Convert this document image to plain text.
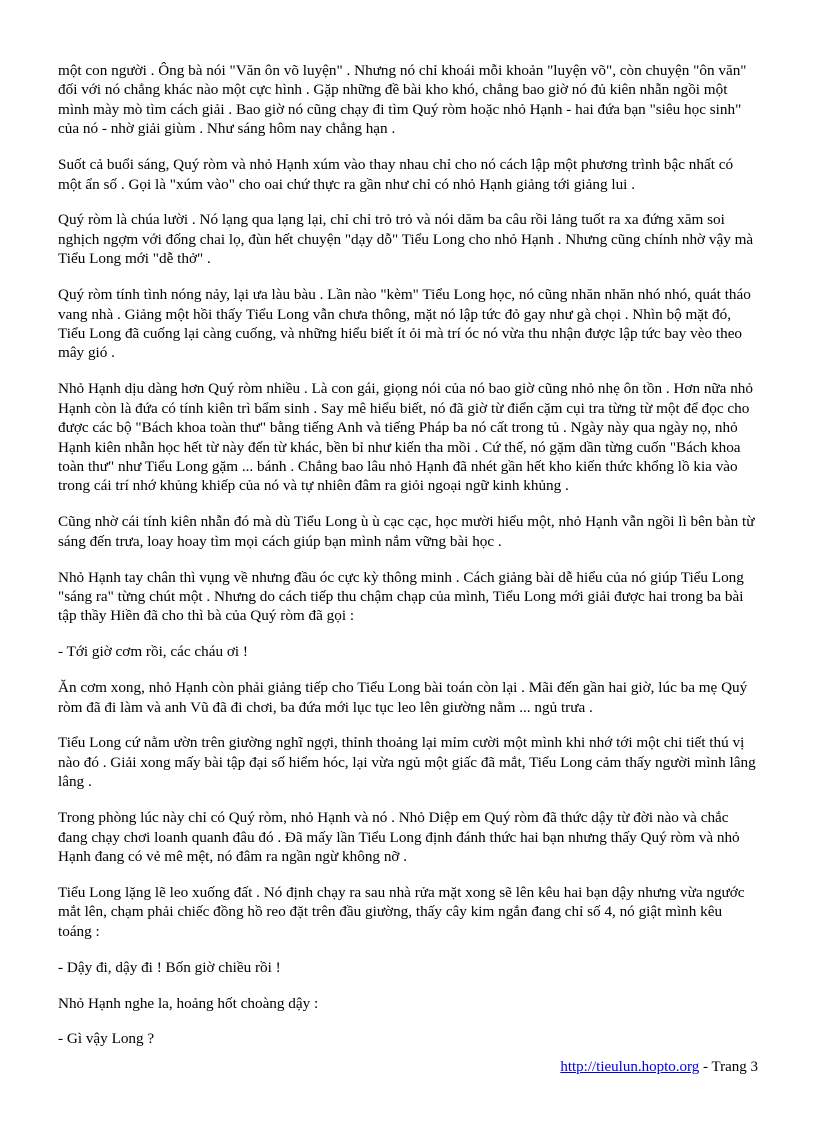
một con người . Ông bà nói "Văn ôn võ luyện" . Nhưng nó chỉ khoái mỗi khoản "luyện võ", còn chuyện "ôn văn" đối với nó chẳng khác nào một cực hình . Gặp những đề bài kho khó, chẳng bao giờ nó đủ kiên nhẫn ngồi một mình mày mò tìm cách giải . Bao giờ nó cũng chạy đi tìm Quý ròm hoặc nhỏ Hạnh - hai đứa bạn "siêu học sinh" của nó - nhờ giải giùm . Như sáng hôm nay chẳng hạn .

Suốt cả buổi sáng, Quý ròm và nhỏ Hạnh xúm vào thay nhau chỉ cho nó cách lập một phương trình bậc nhất có một ẩn số . Gọi là "xúm vào" cho oai chứ thực ra gần như chỉ có nhỏ Hạnh giảng tới giảng lui .

Quý ròm là chúa lười . Nó lạng qua lạng lại, chỉ chỉ trỏ trỏ và nói dăm ba câu rồi lảng tuốt ra xa đứng xăm soi nghịch ngợm với đống chai lọ, đùn hết chuyện "dạy dỗ" Tiểu Long cho nhỏ Hạnh . Nhưng cũng chính nhờ vậy mà Tiểu Long mới "dễ thở" .

Quý ròm tính tình nóng nảy, lại ưa làu bàu . Lần nào "kèm" Tiểu Long học, nó cũng nhăn nhăn nhó nhó, quát tháo vang nhà . Giảng một hồi thấy Tiểu Long vẫn chưa thông, mặt nó lập tức đỏ gay như gà chọi . Nhìn bộ mặt đó, Tiểu Long đã cuống lại càng cuống, và những hiểu biết ít ỏi mà trí óc nó vừa thu nhận được lập tức bay vèo theo mây gió .

Nhỏ Hạnh dịu dàng hơn Quý ròm nhiều . Là con gái, giọng nói của nó bao giờ cũng nhỏ nhẹ ôn tồn . Hơn nữa nhỏ Hạnh còn là đứa có tính kiên trì bẩm sinh . Say mê hiểu biết, nó đã giờ từ điển cặm cụi tra từng từ một để đọc cho được các bộ "Bách khoa toàn thư" bằng tiếng Anh và tiếng Pháp ba nó cất trong tủ . Ngày này qua ngày nọ, nhỏ Hạnh kiên nhẫn học hết từ này đến từ khác, bền bỉ như kiến tha mồi . Cứ thế, nó gặm dần từng cuốn "Bách khoa toàn thư" như Tiểu Long gặm ... bánh . Chẳng bao lâu nhỏ Hạnh đã nhét gần hết kho kiến thức khổng lồ kia vào trong cái trí nhớ khủng khiếp của nó và tự nhiên đâm ra giỏi ngoại ngữ kinh khủng .

Cũng nhờ cái tính kiên nhẫn đó mà dù Tiểu Long ù ù cạc cạc, học mười hiểu một, nhỏ Hạnh vẫn ngồi lì bên bàn từ sáng đến trưa, loay hoay tìm mọi cách giúp bạn mình nắm vững bài học .

Nhỏ Hạnh tay chân thì vụng về nhưng đầu óc cực kỳ thông minh . Cách giảng bài dễ hiểu của nó giúp Tiểu Long "sáng ra" từng chút một . Nhưng do cách tiếp thu chậm chạp của mình, Tiểu Long mới giải được hai trong ba bài tập thầy Hiền đã cho thì bà của Quý ròm đã gọi :

- Tới giờ cơm rồi, các cháu ơi !

Ăn cơm xong, nhỏ Hạnh còn phải giảng tiếp cho Tiểu Long bài toán còn lại . Mãi đến gần hai giờ, lúc ba mẹ Quý ròm đã đi làm và anh Vũ đã đi chơi, ba đứa mới lục tục leo lên giường nằm ... ngủ trưa .

Tiểu Long cứ nằm ườn trên giường nghĩ ngợi, thỉnh thoảng lại mỉm cười một mình khi nhớ tới một chi tiết thú vị nào đó . Giải xong mấy bài tập đại số hiểm hóc, lại vừa ngủ một giấc đã mắt, Tiểu Long cảm thấy người mình lâng lâng .

Trong phòng lúc này chỉ có Quý ròm, nhỏ Hạnh và nó . Nhỏ Diệp em Quý ròm đã thức dậy từ đời nào và chắc đang chạy chơi loanh quanh đâu đó . Đã mấy lần Tiểu Long định đánh thức hai bạn nhưng thấy Quý ròm và nhỏ Hạnh đang có vẻ mê mệt, nó đâm ra ngần ngừ không nỡ .

Tiểu Long lặng lẽ leo xuống đất . Nó định chạy ra sau nhà rửa mặt xong sẽ lên kêu hai bạn dậy nhưng vừa ngước mắt lên, chạm phải chiếc đồng hồ reo đặt trên đầu giường, thấy cây kim ngắn đang chỉ số 4, nó giật mình kêu toáng :

- Dậy đi, dậy đi ! Bốn giờ chiều rồi !

Nhỏ Hạnh nghe la, hoảng hốt choàng dậy :

- Gì vậy Long ?

http://tieulun.hopto.org - Trang 3
